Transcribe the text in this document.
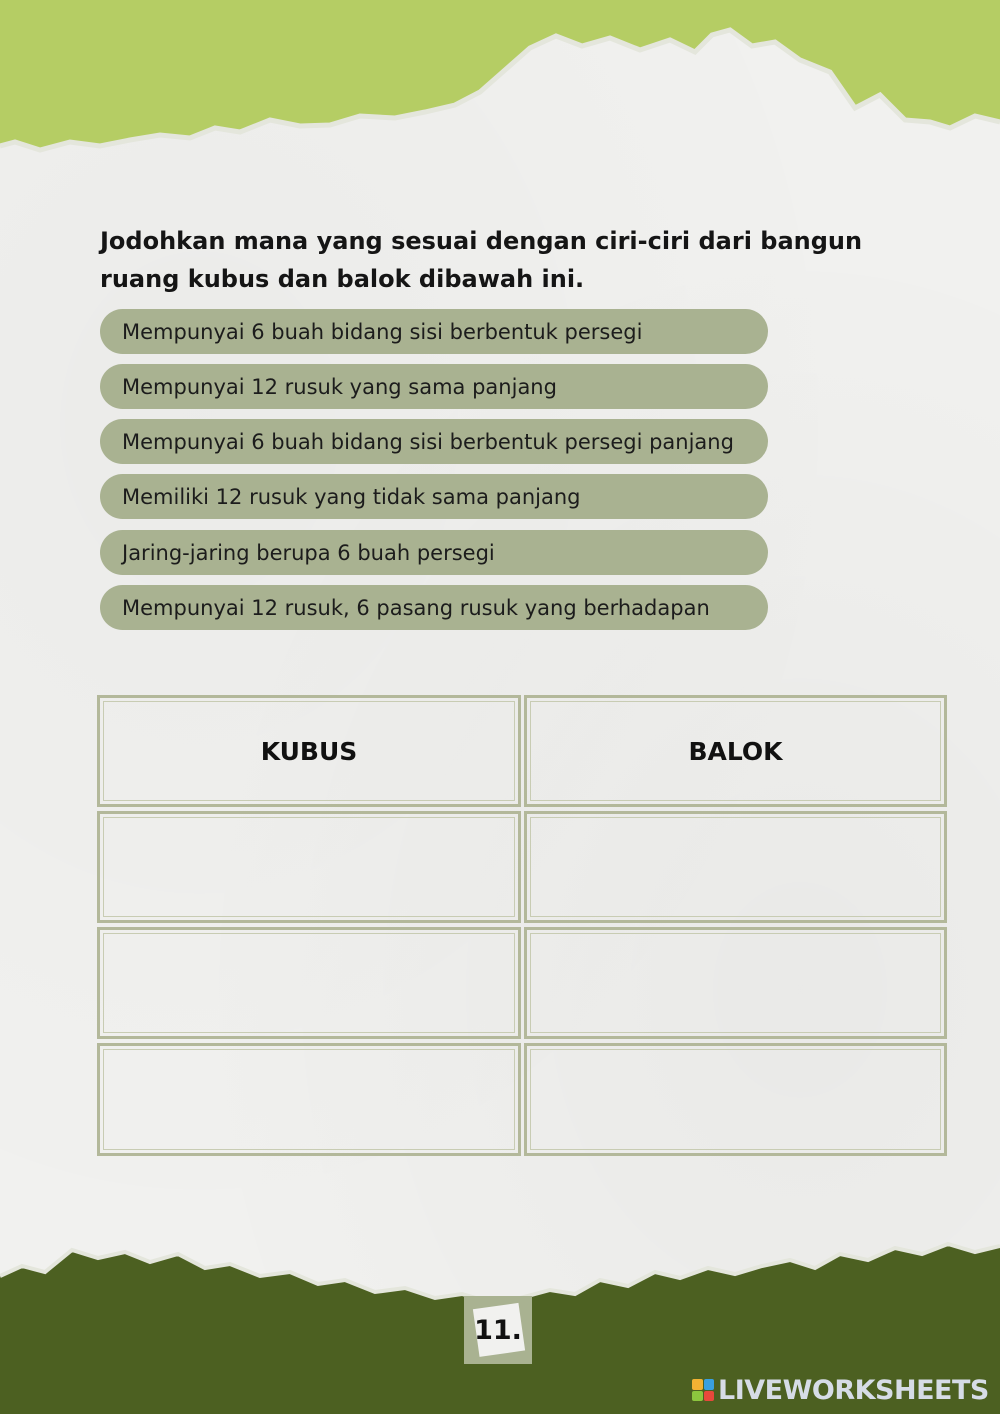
Jodohkan mana yang sesuai dengan ciri-ciri dari bangun ruang kubus dan balok dibawah ini.

Mempunyai 6 buah bidang sisi berbentuk persegi
Mempunyai 12 rusuk yang sama panjang
Mempunyai 6 buah bidang sisi berbentuk persegi panjang
Memiliki 12 rusuk yang tidak sama panjang
Jaring-jaring berupa 6 buah persegi
Mempunyai 12 rusuk, 6 pasang rusuk yang berhadapan
KUBUS	BALOK
11.
LIVEWORKSHEETS
